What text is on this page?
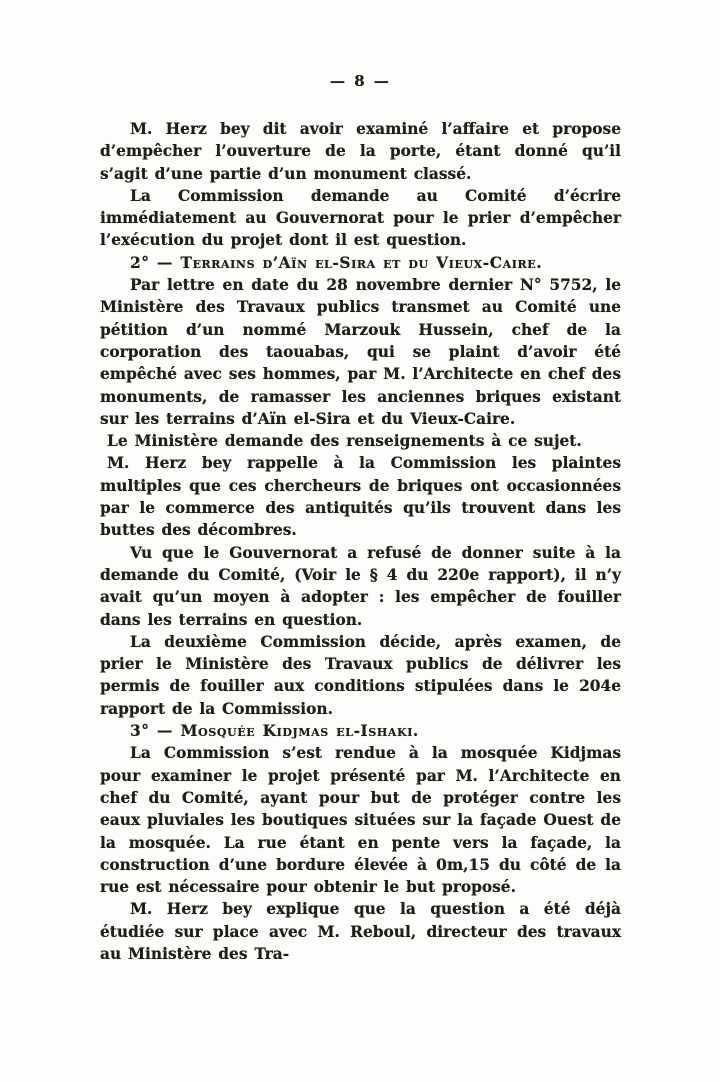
— 8 —

M. Herz bey dit avoir examiné l’affaire et propose d’empêcher l’ouverture de la porte, étant donné qu’il s’agit d’une partie d’un monument classé.

La Commission demande au Comité d’écrire immédiatement au Gouvernorat pour le prier d’empêcher l’exécution du projet dont il est question.

2° — Terrains d’Aïn el-Sira et du Vieux-Caire.

Par lettre en date du 28 novembre dernier N° 5752, le Ministère des Travaux publics transmet au Comité une pétition d’un nommé Marzouk Hussein, chef de la corporation des taouabas, qui se plaint d’avoir été empêché avec ses hommes, par M. l’Architecte en chef des monuments, de ramasser les anciennes briques existant sur les terrains d’Aïn el-Sira et du Vieux-Caire.

Le Ministère demande des renseignements à ce sujet.

M. Herz bey rappelle à la Commission les plaintes multiples que ces chercheurs de briques ont occasionnées par le commerce des antiquités qu’ils trouvent dans les buttes des décombres.

Vu que le Gouvernorat a refusé de donner suite à la demande du Comité, (Voir le § 4 du 220e rapport), il n’y avait qu’un moyen à adopter : les empêcher de fouiller dans les terrains en question.

La deuxième Commission décide, après examen, de prier le Ministère des Travaux publics de délivrer les permis de fouiller aux conditions stipulées dans le 204e rapport de la Commission.

3° — Mosquée Kidjmas el-Ishaki.

La Commission s’est rendue à la mosquée Kidjmas pour examiner le projet présenté par M. l’Architecte en chef du Comité, ayant pour but de protéger contre les eaux pluviales les boutiques situées sur la façade Ouest de la mosquée. La rue étant en pente vers la façade, la construction d’une bordure élevée à 0m,15 du côté de la rue est nécessaire pour obtenir le but proposé.

M. Herz bey explique que la question a été déjà étudiée sur place avec M. Reboul, directeur des travaux au Ministère des Tra-
